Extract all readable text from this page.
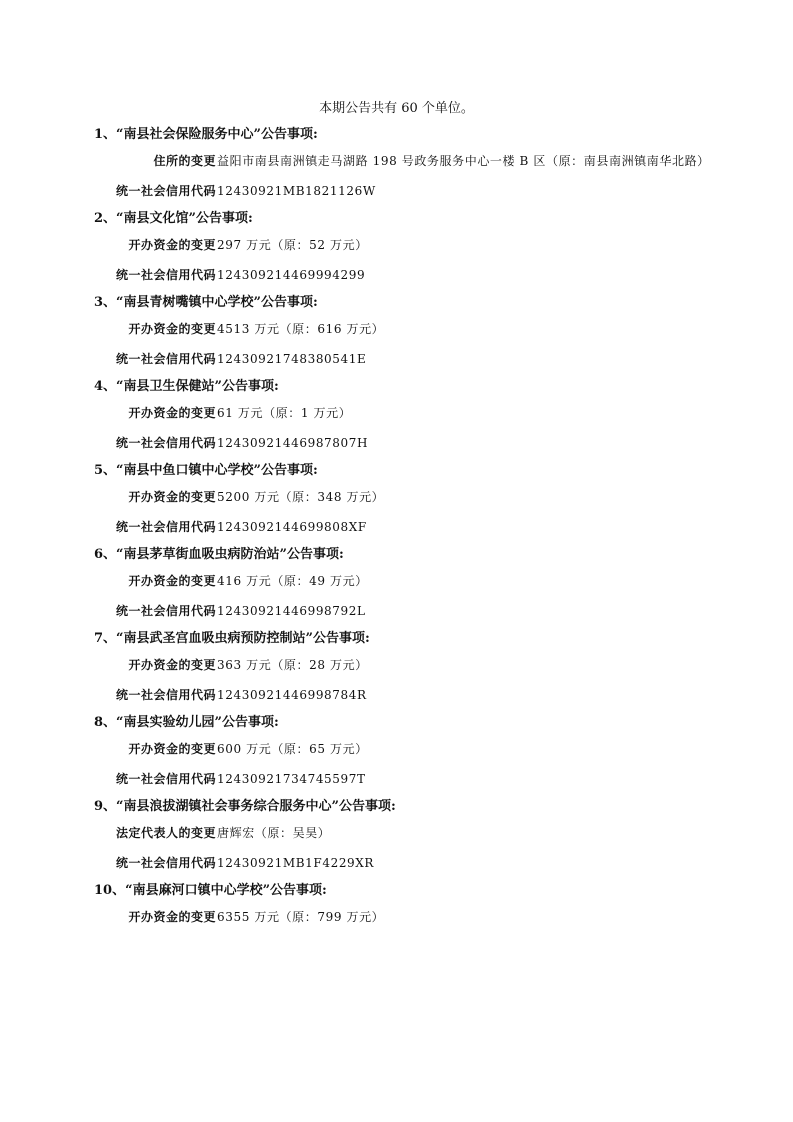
本期公告共有 60 个单位。
1、“南县社会保险服务中心”公告事项:
住所的变更 益阳市南县南洲镇走马湖路 198 号政务服务中心一楼 B 区（原：南县南洲镇南华北路）
统一社会信用代码 12430921MB1821126W
2、“南县文化馆”公告事项:
开办资金的变更 297 万元（原：52 万元）
统一社会信用代码 124309214469994299
3、“南县青树嘴镇中心学校”公告事项:
开办资金的变更 4513 万元（原：616 万元）
统一社会信用代码 12430921748380541E
4、“南县卫生保健站”公告事项:
开办资金的变更 61 万元（原：1 万元）
统一社会信用代码 12430921446987807H
5、“南县中鱼口镇中心学校”公告事项:
开办资金的变更 5200 万元（原：348 万元）
统一社会信用代码 1243092144699808XF
6、“南县茅草街血吸虫病防治站”公告事项:
开办资金的变更 416 万元（原：49 万元）
统一社会信用代码 12430921446998792L
7、“南县武圣宫血吸虫病预防控制站”公告事项:
开办资金的变更 363 万元（原：28 万元）
统一社会信用代码 12430921446998784R
8、“南县实验幼儿园”公告事项:
开办资金的变更 600 万元（原：65 万元）
统一社会信用代码 12430921734745597T
9、“南县浪拔湖镇社会事务综合服务中心”公告事项:
法定代表人的变更 唐辉宏（原：吴昊）
统一社会信用代码 12430921MB1F4229XR
10、“南县麻河口镇中心学校”公告事项:
开办资金的变更 6355 万元（原：799 万元）
